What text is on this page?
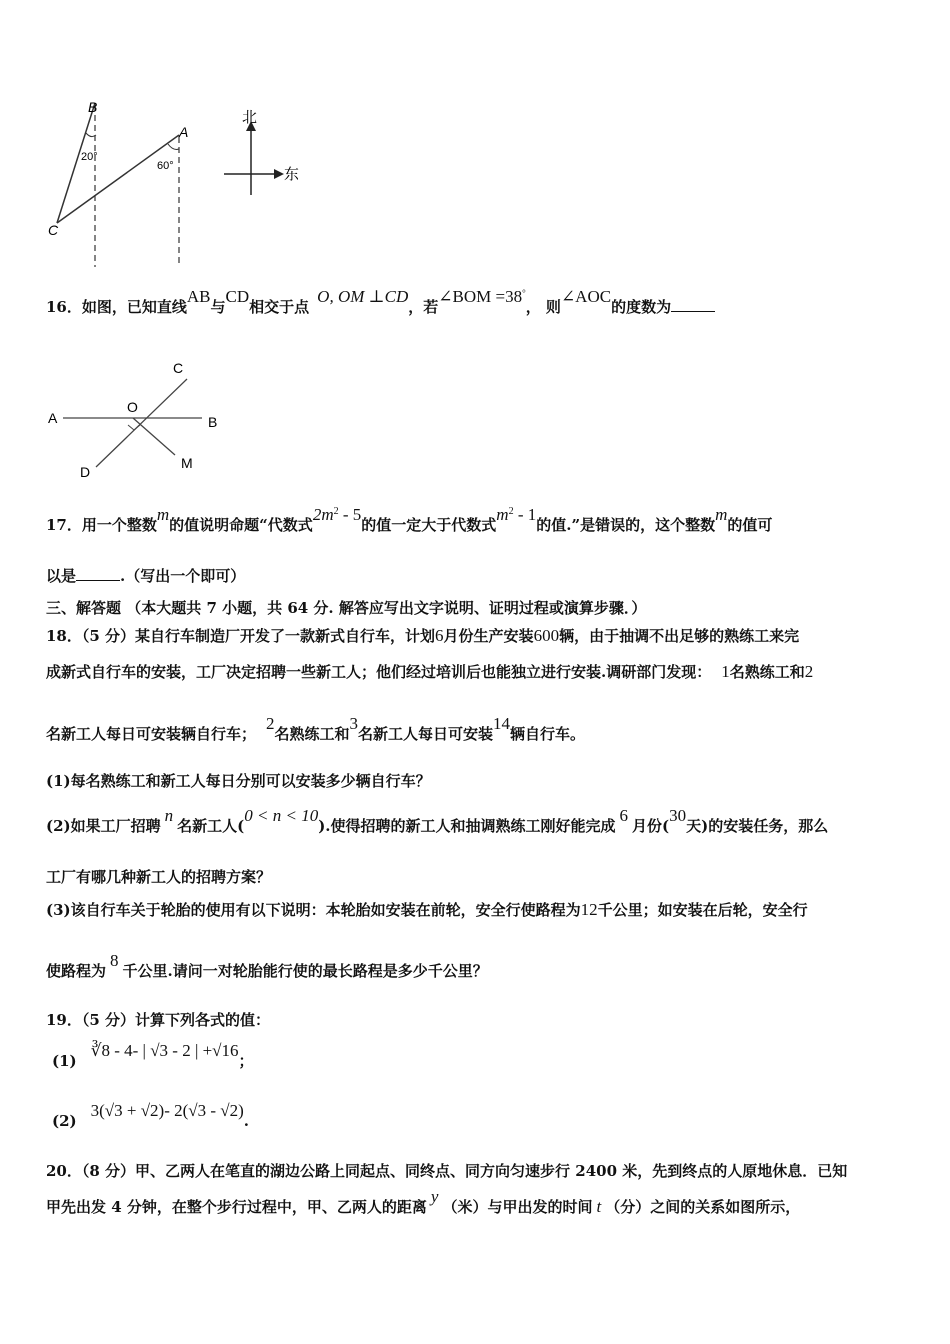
B
A
C
20°
60°
北
东
16．如图，已知直线AB与CD相交于点O, OM ⊥CD，若∠BOM =38°， 则∠AOC的度数为
A	B
C
D
O
M
17．用一个整数m的值说明命题“代数式$2m^2 - 5$的值一定大于代数式$m^2 - 1$的值.”是错误的，这个整数m的值可
以是	.（写出一个即可）
三、解答题 （本大题共 7 小题，共 64 分. 解答应写出文字说明、证明过程或演算步骤．）
18．（5 分）某自行车制造厂开发了一款新式自行车，计划6月份生产安装600辆，由于抽调不出足够的熟练工来完
成新式自行车的安装，工厂决定招聘一些新工人；他们经过培训后也能独立进行安装.调研部门发现： 1名熟练工和2
名新工人每日可安装辆自行车；2名熟练工和3名新工人每日可安装14辆自行车。
(1)每名熟练工和新工人每日分别可以安装多少辆自行车？
(2)如果工厂招聘n名新工人(0 < n < 10).使得招聘的新工人和抽调熟练工刚好能完成6月份(30天)的安装任务，那么
工厂有哪几种新工人的招聘方案？
(3)该自行车关于轮胎的使用有以下说明：本轮胎如安装在前轮，安全行使路程为12千公里；如安装在后轮，安全行
使路程为8千公里.请问一对轮胎能行使的最长路程是多少千公里？
19．（5 分）计算下列各式的值：
(1)∛8 - 4- | √3 - 2 | +√16；
(2)3(√3 + √2)- 2(√3 - √2).
20．（8 分）甲、乙两人在笔直的湖边公路上同起点、同终点、同方向匀速步行 2400 米，先到终点的人原地休息．已知
甲先出发 4 分钟，在整个步行过程中，甲、乙两人的距离y（米）与甲出发的时间 t （分）之间的关系如图所示，
